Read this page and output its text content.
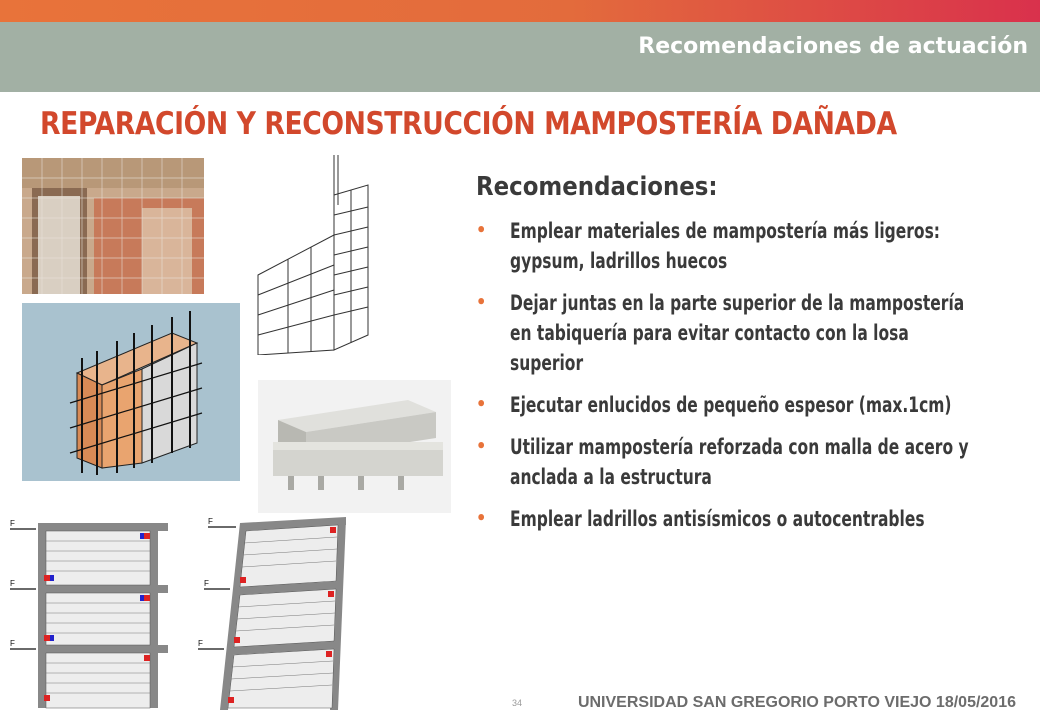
Recomendaciones de actuación
REPARACIÓN Y RECONSTRUCCIÓN MAMPOSTERÍA DAÑADA
F
F
F
F
F
F
Recomendaciones:
• Emplear materiales de mampostería más ligeros: gypsum, ladrillos huecos
• Dejar juntas en la parte superior de la mampostería en tabiquería para evitar contacto con la losa superior
• Ejecutar enlucidos de pequeño espesor (max.1cm)
• Utilizar mampostería reforzada con malla de acero y anclada a la estructura
• Emplear ladrillos antisísmicos o autocentrables
34	UNIVERSIDAD SAN GREGORIO PORTO VIEJO 18/05/2016
